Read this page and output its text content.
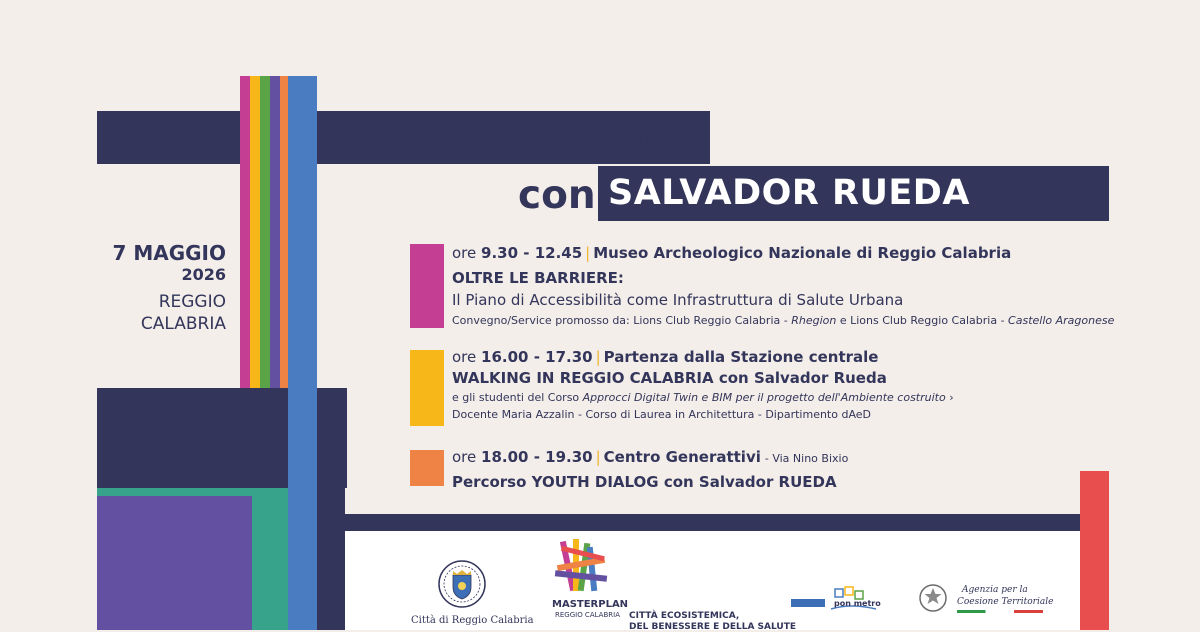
incontri
con SALVADOR RUEDA
7 MAGGIO
2026
REGGIO
CALABRIA
ore 9.30 - 12.45 | Museo Archeologico Nazionale di Reggio Calabria
OLTRE LE BARRIERE:
Il Piano di Accessibilità come Infrastruttura di Salute Urbana
Convegno/Service promosso da: Lions Club Reggio Calabria - Rhegion e Lions Club Reggio Calabria - Castello Aragonese
ore 16.00 - 17.30 | Partenza dalla Stazione centrale
WALKING IN REGGIO CALABRIA con Salvador Rueda
e gli studenti del Corso Approcci Digital Twin e BIM per il progetto dell'Ambiente costruito ›
Docente Maria Azzalin - Corso di Laurea in Architettura - Dipartimento dAeD
ore 18.00 - 19.30 | Centro Generattivi - Via Nino Bixio
Percorso YOUTH DIALOG con Salvador RUEDA
Città di Reggio Calabria
MASTERPLAN
REGGIO CALABRIA CITTÀ ECOSISTEMICA,
DEL BENESSERE E DELLA SALUTE
pon metro
Agenzia per la
Coesione Territoriale
